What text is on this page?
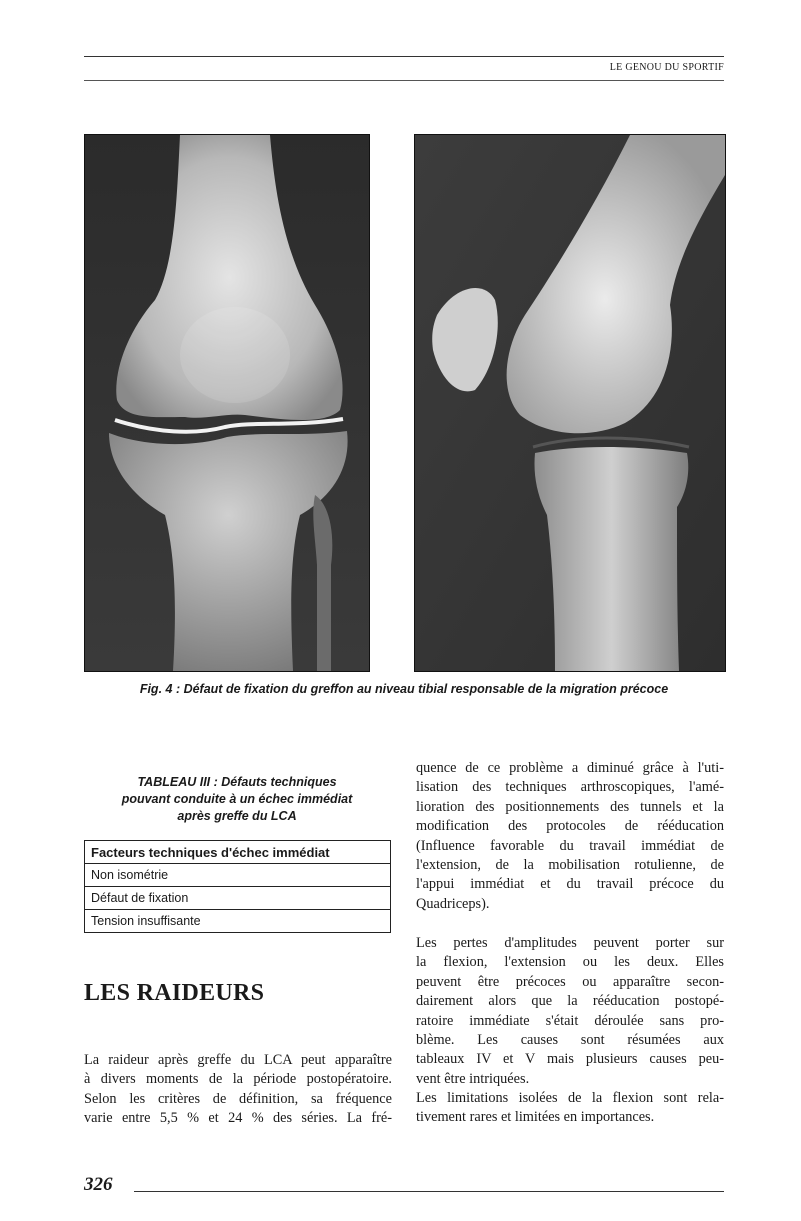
LE GENOU DU SPORTIF
Fig. 4 : Défaut de fixation du greffon au niveau tibial responsable de la migration précoce
TABLEAU III : Défauts techniques
pouvant conduite à un échec immédiat
après greffe du LCA
Facteurs techniques d'échec immédiat
Non isométrie
Défaut de fixation
Tension insuffisante
LES RAIDEURS
La raideur après greffe du LCA peut apparaître
à divers moments de la période postopératoire.
Selon les critères de définition, sa fréquence
varie entre 5,5 % et 24 % des séries. La fré-
quence de ce problème a diminué grâce à l'uti-
lisation des techniques arthroscopiques, l'amé-
lioration des positionnements des tunnels et la
modification des protocoles de rééducation
(Influence favorable du travail immédiat de
l'extension, de la mobilisation rotulienne, de
l'appui immédiat et du travail précoce du
Quadriceps).
Les pertes d'amplitudes peuvent porter sur
la flexion, l'extension ou les deux. Elles
peuvent être précoces ou apparaître secon-
dairement alors que la rééducation postopé-
ratoire immédiate s'était déroulée sans pro-
blème. Les causes sont résumées aux
tableaux IV et V mais plusieurs causes peu-
vent être intriquées.
Les limitations isolées de la flexion sont rela-
tivement rares et limitées en importances.
326
